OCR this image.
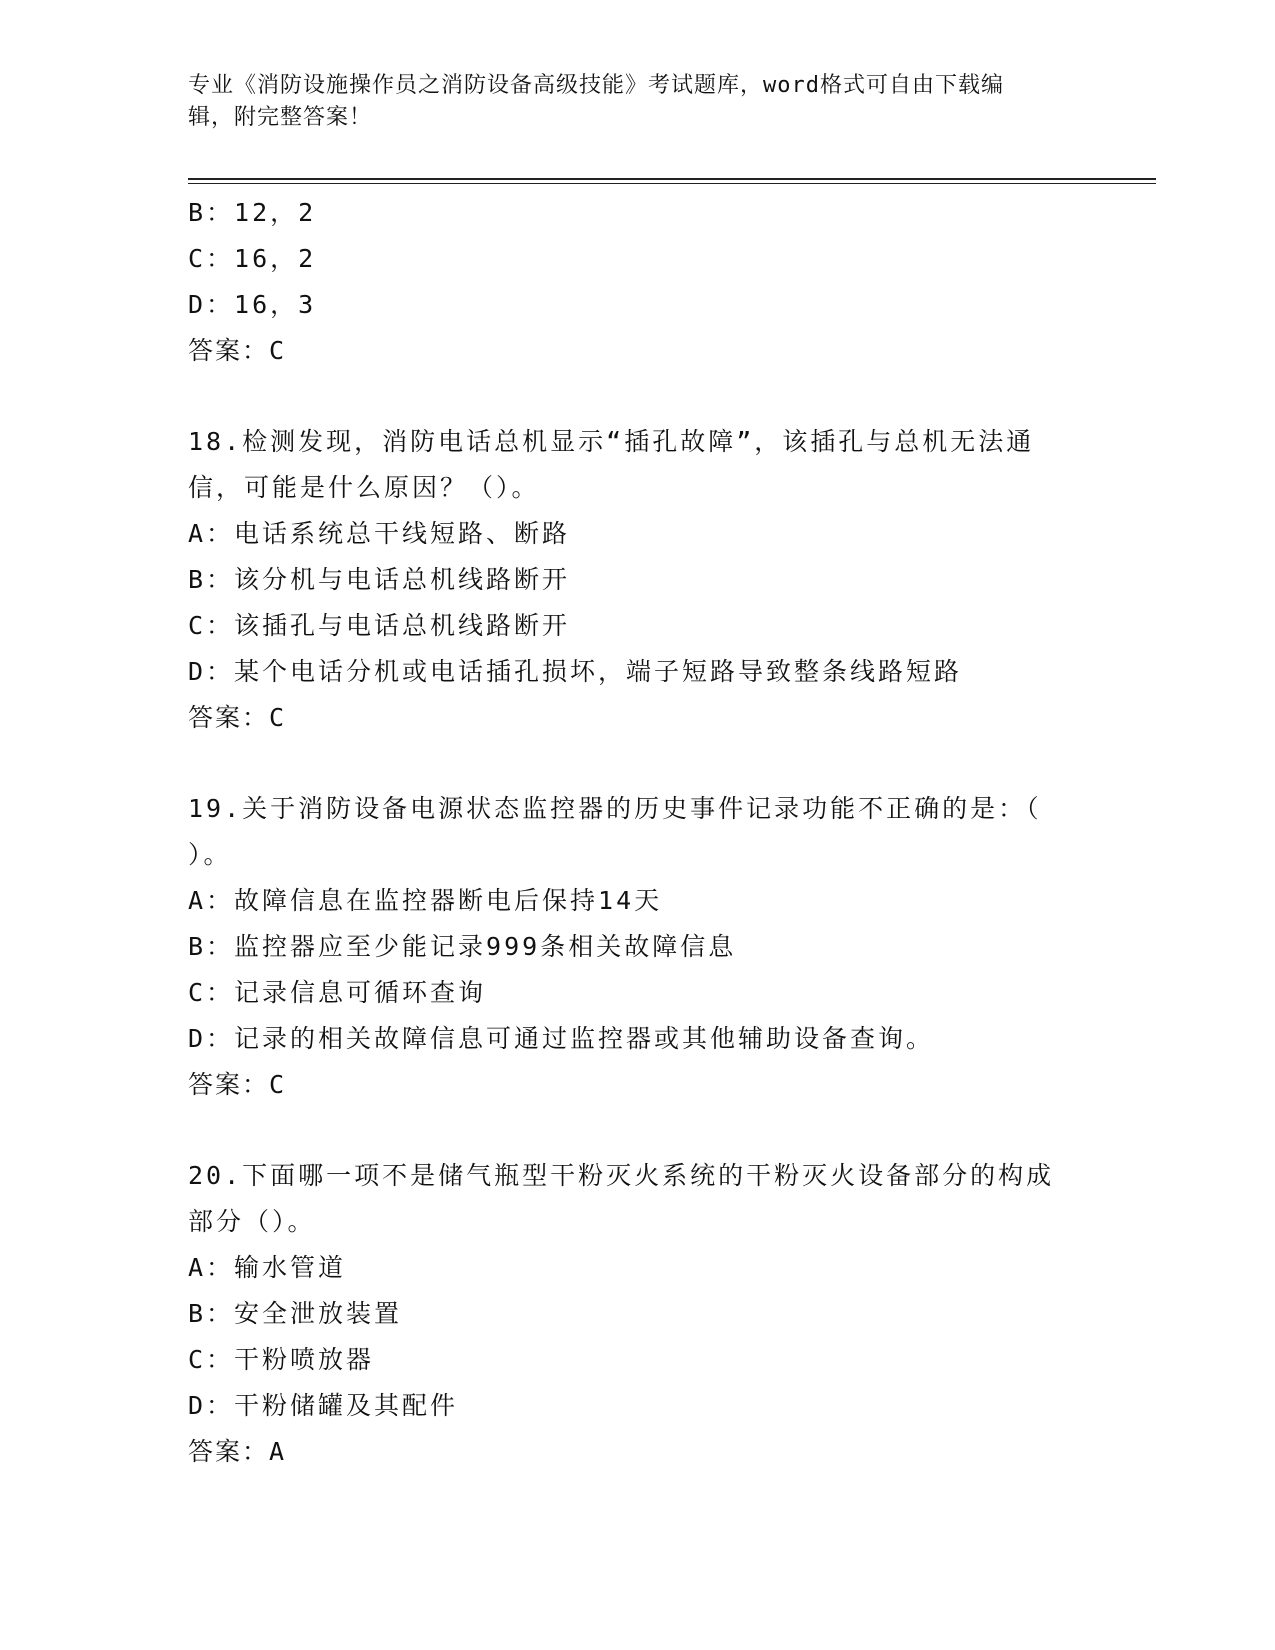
专业《消防设施操作员之消防设备高级技能》考试题库，word格式可自由下载编
辑，附完整答案！
B：12，2
C：16，2
D：16，3
答案：C
18.检测发现，消防电话总机显示“插孔故障”，该插孔与总机无法通
信，可能是什么原因？（）。
A：电话系统总干线短路、断路
B：该分机与电话总机线路断开
C：该插孔与电话总机线路断开
D：某个电话分机或电话插孔损坏，端子短路导致整条线路短路
答案：C
19.关于消防设备电源状态监控器的历史事件记录功能不正确的是：（
）。
A：故障信息在监控器断电后保持14天
B：监控器应至少能记录999条相关故障信息
C：记录信息可循环查询
D：记录的相关故障信息可通过监控器或其他辅助设备查询。
答案：C
20.下面哪一项不是储气瓶型干粉灭火系统的干粉灭火设备部分的构成
部分（）。
A：输水管道
B：安全泄放装置
C：干粉喷放器
D：干粉储罐及其配件
答案：A
